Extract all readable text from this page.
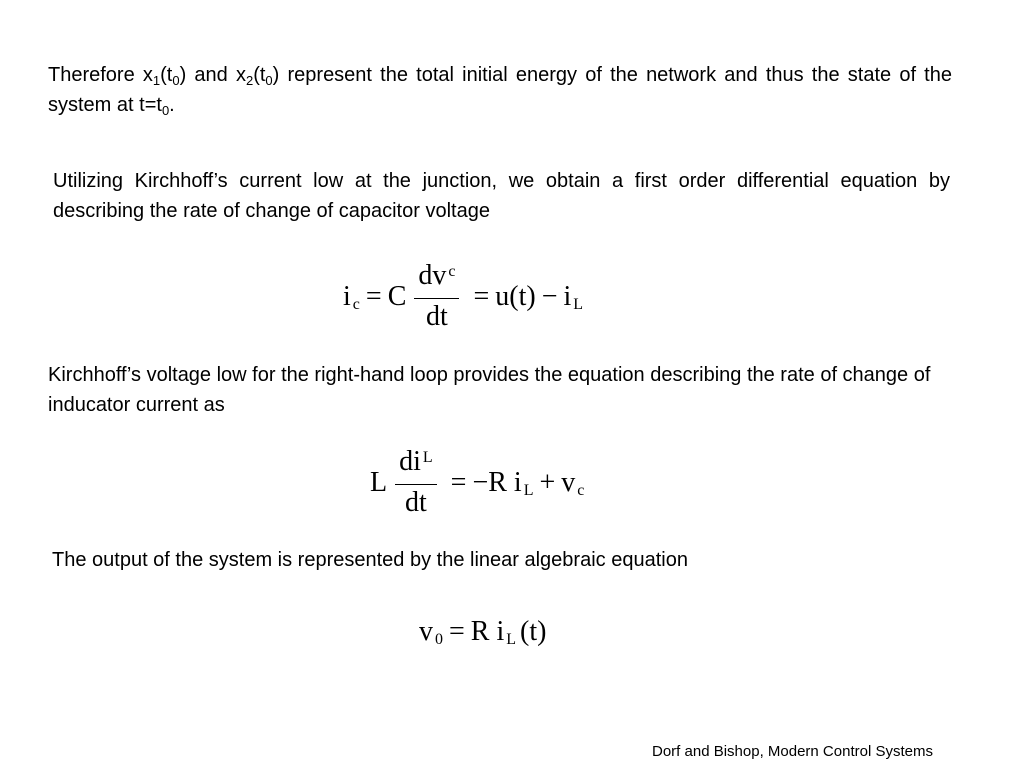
Therefore $x_1(t_0)$ and $x_2(t_0)$ represent the total initial energy of the network and thus the state of the system at $t=t_0$.

Utilizing Kirchhoff’s current low at the junction, we obtain a first order differential equation by describing the rate of change of capacitor voltage

i c = C $\frac{dv ^c}{dt} = u(t) - i$ L

Kirchhoff’s voltage low for the right-hand loop provides the equation describing the rate of change of inducator current as

L $\frac{di ^L}{dt} = -R$ i L + v c

The output of the system is represented by the linear algebraic equation

v 0 = R i L (t)
Dorf and Bishop, Modern Control Systems
